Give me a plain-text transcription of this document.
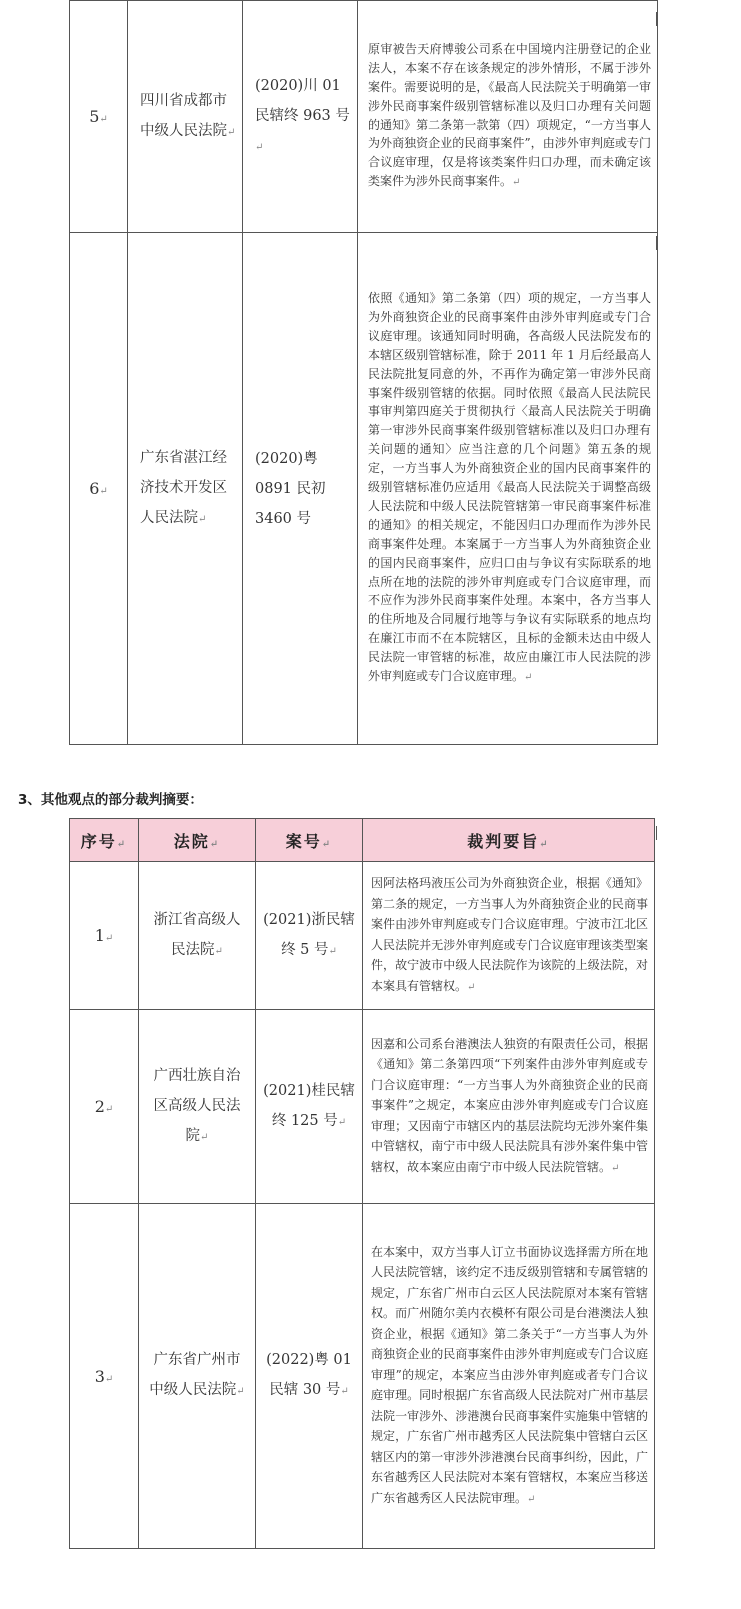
5↵	四川省成都市中级人民法院↵	(2020)川 01 民辖终 963 号↵	原审被告天府博骏公司系在中国境内注册登记的企业法人，本案不存在该条规定的涉外情形，不属于涉外案件。需要说明的是，《最高人民法院关于明确第一审涉外民商事案件级别管辖标准以及归口办理有关问题的通知》第二条第一款第（四）项规定，“一方当事人为外商独资企业的民商事案件”，由涉外审判庭或专门合议庭审理，仅是将该类案件归口办理，而未确定该类案件为涉外民商事案件。↵
6↵	广东省湛江经济技术开发区人民法院↵	(2020)粤 0891 民初 3460 号	依照《通知》第二条第（四）项的规定，一方当事人为外商独资企业的民商事案件由涉外审判庭或专门合议庭审理。该通知同时明确，各高级人民法院发布的本辖区级别管辖标准，除于 2011 年 1 月后经最高人民法院批复同意的外，不再作为确定第一审涉外民商事案件级别管辖的依据。同时依照《最高人民法院民事审判第四庭关于贯彻执行〈最高人民法院关于明确第一审涉外民商事案件级别管辖标准以及归口办理有关问题的通知〉应当注意的几个问题》第五条的规定，一方当事人为外商独资企业的国内民商事案件的级别管辖标准仍应适用《最高人民法院关于调整高级人民法院和中级人民法院管辖第一审民商事案件标准的通知》的相关规定，不能因归口办理而作为涉外民商事案件处理。本案属于一方当事人为外商独资企业的国内民商事案件，应归口由与争议有实际联系的地点所在地的法院的涉外审判庭或专门合议庭审理，而不应作为涉外民商事案件处理。本案中，各方当事人的住所地及合同履行地等与争议有实际联系的地点均在廉江市而不在本院辖区，且标的金额未达由中级人民法院一审管辖的标准，故应由廉江市人民法院的涉外审判庭或专门合议庭审理。↵

3、其他观点的部分裁判摘要：

序号↵	法院↵	案号↵	裁判要旨↵
1↵	浙江省高级人民法院↵	(2021)浙民辖终 5 号↵	因阿法格玛液压公司为外商独资企业，根据《通知》第二条的规定，一方当事人为外商独资企业的民商事案件由涉外审判庭或专门合议庭审理。宁波市江北区人民法院并无涉外审判庭或专门合议庭审理该类型案件，故宁波市中级人民法院作为该院的上级法院，对本案具有管辖权。↵
2↵	广西壮族自治区高级人民法院↵	(2021)桂民辖终 125 号↵	因嘉和公司系台港澳法人独资的有限责任公司，根据《通知》第二条第四项“下列案件由涉外审判庭或专门合议庭审理：“一方当事人为外商独资企业的民商事案件”之规定，本案应由涉外审判庭或专门合议庭审理；又因南宁市辖区内的基层法院均无涉外案件集中管辖权，南宁市中级人民法院具有涉外案件集中管辖权，故本案应由南宁市中级人民法院管辖。↵
3↵	广东省广州市中级人民法院↵	(2022)粤 01 民辖 30 号↵	在本案中，双方当事人订立书面协议选择需方所在地人民法院管辖，该约定不违反级别管辖和专属管辖的规定，广东省广州市白云区人民法院原对本案有管辖权。而广州随尔美内衣模杯有限公司是台港澳法人独资企业，根据《通知》第二条关于“一方当事人为外商独资企业的民商事案件由涉外审判庭或专门合议庭审理”的规定，本案应当由涉外审判庭或者专门合议庭审理。同时根据广东省高级人民法院对广州市基层法院一审涉外、涉港澳台民商事案件实施集中管辖的规定，广东省广州市越秀区人民法院集中管辖白云区辖区内的第一审涉外涉港澳台民商事纠纷，因此，广东省越秀区人民法院对本案有管辖权，本案应当移送广东省越秀区人民法院审理。↵
